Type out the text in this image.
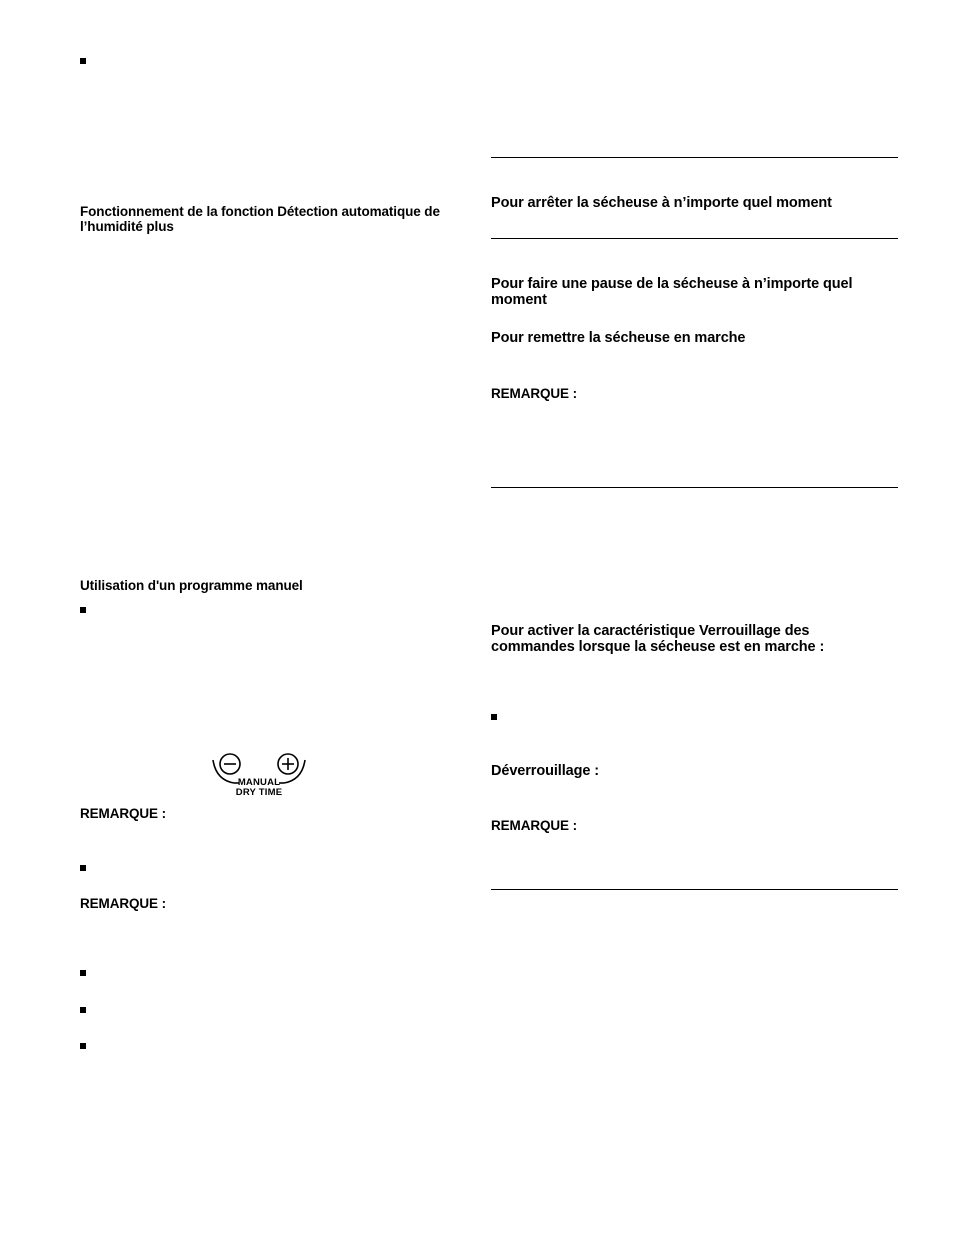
Fonctionnement de la fonction Détection automatique de l’humidité plus
Utilisation d'un programme manuel
MANUAL
DRY TIME
REMARQUE :
REMARQUE :
Pour arrêter la sécheuse à n’importe quel moment
Pour faire une pause de la sécheuse à n’importe quel moment
Pour remettre la sécheuse en marche
REMARQUE :
Pour activer la caractéristique Verrouillage des commandes lorsque la sécheuse est en marche :
Déverrouillage :
REMARQUE :
